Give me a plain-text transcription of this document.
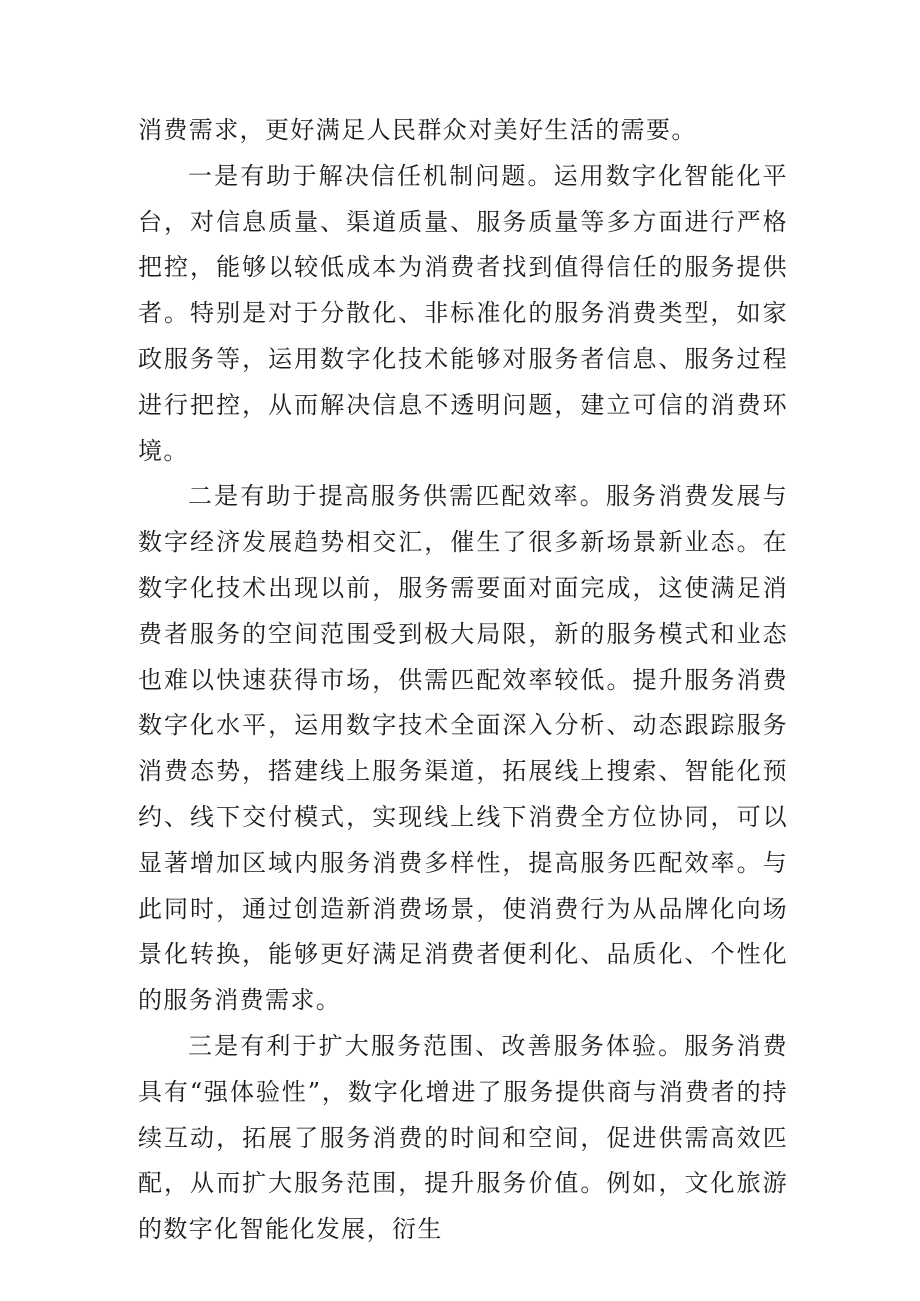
消费需求，更好满足人民群众对美好生活的需要。

一是有助于解决信任机制问题。运用数字化智能化平台，对信息质量、渠道质量、服务质量等多方面进行严格把控，能够以较低成本为消费者找到值得信任的服务提供者。特别是对于分散化、非标准化的服务消费类型，如家政服务等，运用数字化技术能够对服务者信息、服务过程进行把控，从而解决信息不透明问题，建立可信的消费环境。

二是有助于提高服务供需匹配效率。服务消费发展与数字经济发展趋势相交汇，催生了很多新场景新业态。在数字化技术出现以前，服务需要面对面完成，这使满足消费者服务的空间范围受到极大局限，新的服务模式和业态也难以快速获得市场，供需匹配效率较低。提升服务消费数字化水平，运用数字技术全面深入分析、动态跟踪服务消费态势，搭建线上服务渠道，拓展线上搜索、智能化预约、线下交付模式，实现线上线下消费全方位协同，可以显著增加区域内服务消费多样性，提高服务匹配效率。与此同时，通过创造新消费场景，使消费行为从品牌化向场景化转换，能够更好满足消费者便利化、品质化、个性化的服务消费需求。

三是有利于扩大服务范围、改善服务体验。服务消费具有“强体验性”，数字化增进了服务提供商与消费者的持续互动，拓展了服务消费的时间和空间，促进供需高效匹配，从而扩大服务范围，提升服务价值。例如，文化旅游的数字化智能化发展，衍生
